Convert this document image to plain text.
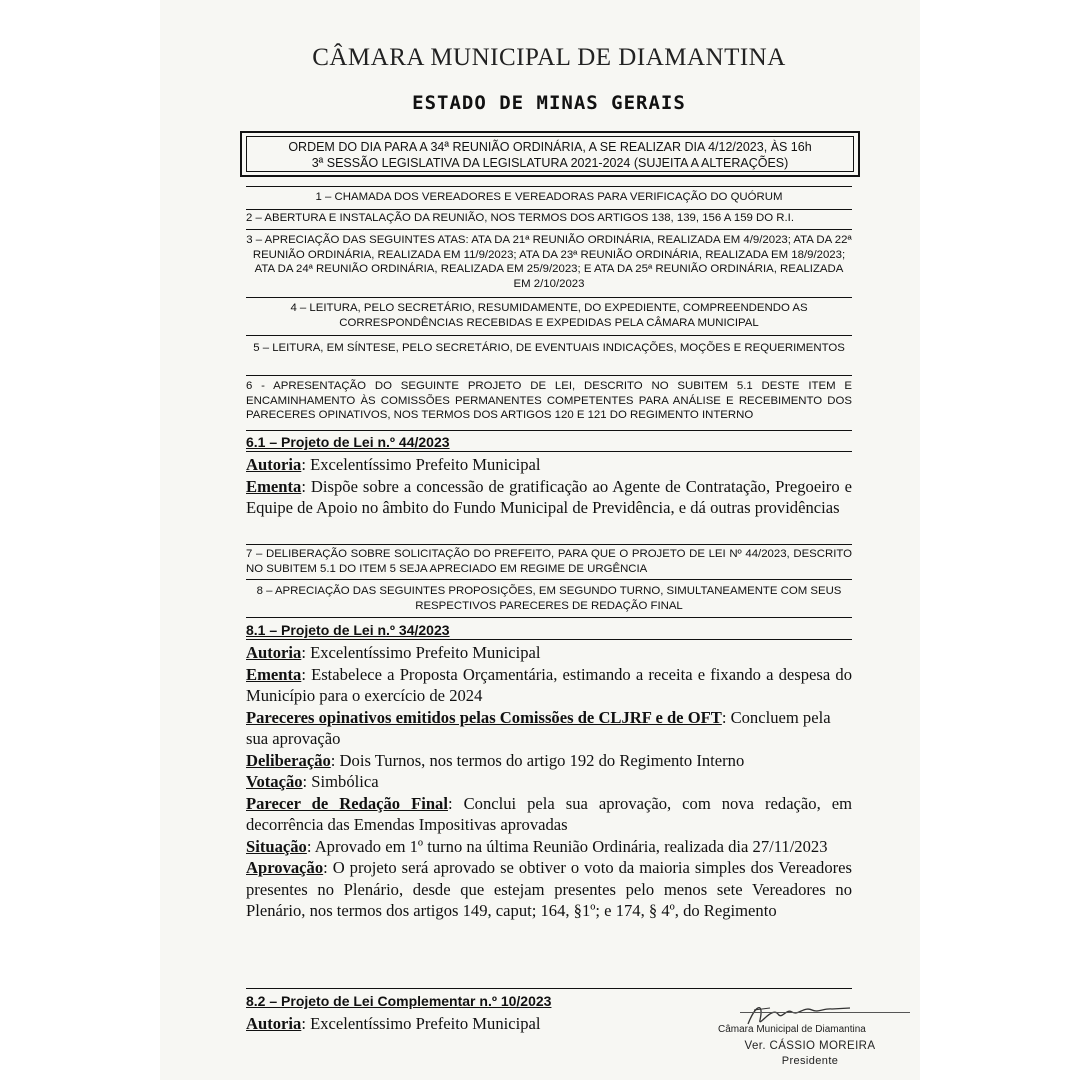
CÂMARA MUNICIPAL DE DIAMANTINA
ESTADO DE MINAS GERAIS
ORDEM DO DIA PARA A 34ª REUNIÃO ORDINÁRIA, A SE REALIZAR DIA 4/12/2023, ÀS 16h
3ª SESSÃO LEGISLATIVA DA LEGISLATURA 2021-2024 (SUJEITA A ALTERAÇÕES)
1 – CHAMADA DOS VEREADORES E VEREADORAS PARA VERIFICAÇÃO DO QUÓRUM
2 – ABERTURA E INSTALAÇÃO DA REUNIÃO, NOS TERMOS DOS ARTIGOS 138, 139, 156 A 159 DO R.I.
3 – APRECIAÇÃO DAS SEGUINTES ATAS: ATA DA 21ª REUNIÃO ORDINÁRIA, REALIZADA EM 4/9/2023; ATA DA 22ª REUNIÃO ORDINÁRIA, REALIZADA EM 11/9/2023; ATA DA 23ª REUNIÃO ORDINÁRIA, REALIZADA EM 18/9/2023; ATA DA 24ª REUNIÃO ORDINÁRIA, REALIZADA EM 25/9/2023; E ATA DA 25ª REUNIÃO ORDINÁRIA, REALIZADA EM 2/10/2023
4 – LEITURA, PELO SECRETÁRIO, RESUMIDAMENTE, DO EXPEDIENTE, COMPREENDENDO AS CORRESPONDÊNCIAS RECEBIDAS E EXPEDIDAS PELA CÂMARA MUNICIPAL
5 – LEITURA, EM SÍNTESE, PELO SECRETÁRIO, DE EVENTUAIS INDICAÇÕES, MOÇÕES E REQUERIMENTOS
6 - APRESENTAÇÃO DO SEGUINTE PROJETO DE LEI, DESCRITO NO SUBITEM 5.1 DESTE ITEM E ENCAMINHAMENTO ÀS COMISSÕES PERMANENTES COMPETENTES PARA ANÁLISE E RECEBIMENTO DOS PARECERES OPINATIVOS, NOS TERMOS DOS ARTIGOS 120 E 121 DO REGIMENTO INTERNO
6.1 – Projeto de Lei n.º 44/2023
Autoria: Excelentíssimo Prefeito Municipal
Ementa: Dispõe sobre a concessão de gratificação ao Agente de Contratação, Pregoeiro e Equipe de Apoio no âmbito do Fundo Municipal de Previdência, e dá outras providências
7 – DELIBERAÇÃO SOBRE SOLICITAÇÃO DO PREFEITO, PARA QUE O PROJETO DE LEI Nº 44/2023, DESCRITO NO SUBITEM 5.1 DO ITEM 5 SEJA APRECIADO EM REGIME DE URGÊNCIA
8 – APRECIAÇÃO DAS SEGUINTES PROPOSIÇÕES, EM SEGUNDO TURNO, SIMULTANEAMENTE COM SEUS RESPECTIVOS PARECERES DE REDAÇÃO FINAL
8.1 – Projeto de Lei n.º 34/2023
Autoria: Excelentíssimo Prefeito Municipal
Ementa: Estabelece a Proposta Orçamentária, estimando a receita e fixando a despesa do Município para o exercício de 2024
Pareceres opinativos emitidos pelas Comissões de CLJRF e de OFT: Concluem pela sua aprovação
Deliberação: Dois Turnos, nos termos do artigo 192 do Regimento Interno
Votação: Simbólica
Parecer de Redação Final: Conclui pela sua aprovação, com nova redação, em decorrência das Emendas Impositivas aprovadas
Situação: Aprovado em 1º turno na última Reunião Ordinária, realizada dia 27/11/2023
Aprovação: O projeto será aprovado se obtiver o voto da maioria simples dos Vereadores presentes no Plenário, desde que estejam presentes pelo menos sete Vereadores no Plenário, nos termos dos artigos 149, caput; 164, §1º; e 174, § 4º, do Regimento
8.2 – Projeto de Lei Complementar n.º 10/2023
Autoria: Excelentíssimo Prefeito Municipal	Câmara Municipal de Diamantina
Ver. CÁSSIO MOREIRA
Presidente
